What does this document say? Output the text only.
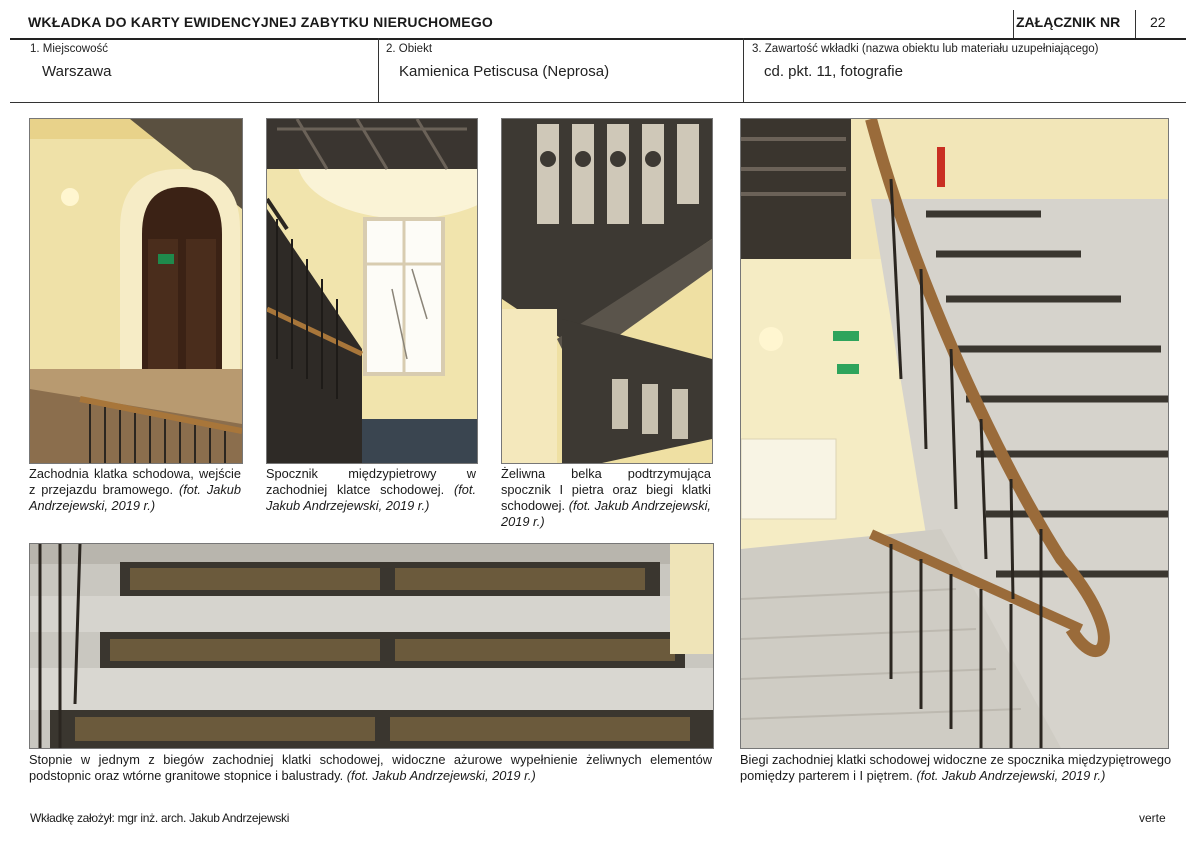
WKŁADKA DO KARTY EWIDENCYJNEJ ZABYTKU NIERUCHOMEGO	ZAŁĄCZNIK NR 22
1. Miejscowość
Warszawa
2. Obiekt
Kamienica Petiscusa (Neprosa)
3. Zawartość wkładki (nazwa obiektu lub materiału uzupełniającego)
cd. pkt. 11, fotografie
Zachodnia klatka schodowa, wejście z przejazdu bramowego. (fot. Jakub Andrzejewski, 2019 r.)
Spocznik międzypietrowy w zachodniej klatce schodowej. (fot. Jakub Andrzejewski, 2019 r.)
Żeliwna belka podtrzymująca spocznik I pietra oraz biegi klatki schodowej. (fot. Jakub Andrzejewski, 2019 r.)
Stopnie w jednym z biegów zachodniej klatki schodowej, widoczne ażurowe wypełnienie żeliwnych elementów podstopnic oraz wtórne granitowe stopnice i balustrady. (fot. Jakub Andrzejewski, 2019 r.)
Biegi zachodniej klatki schodowej widoczne ze spocznika międzypiętrowego pomiędzy parterem i I piętrem. (fot. Jakub Andrzejewski, 2019 r.)
Wkładkę założył: mgr inż. arch. Jakub Andrzejewski	verte
